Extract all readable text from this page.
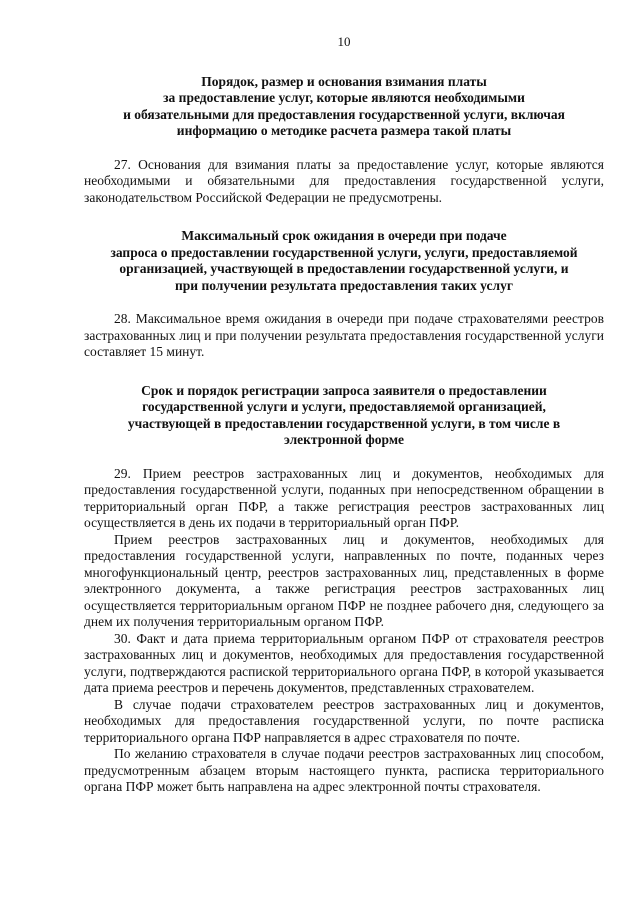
10
Порядок, размер и основания взимания платы
за предоставление услуг, которые являются необходимыми
и обязательными для предоставления государственной услуги, включая
информацию о методике расчета размера такой платы

27. Основания для взимания платы за предоставление услуг, которые являются необходимыми и обязательными для предоставления государственной услуги, законодательством Российской Федерации не предусмотрены.

Максимальный срок ожидания в очереди при подаче
запроса о предоставлении государственной услуги, услуги, предоставляемой
организацией, участвующей в предоставлении государственной услуги, и
при получении результата предоставления таких услуг

28. Максимальное время ожидания в очереди при подаче страхователями реестров застрахованных лиц и при получении результата предоставления государственной услуги составляет 15 минут.

Срок и порядок регистрации запроса заявителя о предоставлении
государственной услуги и услуги, предоставляемой организацией,
участвующей в предоставлении государственной услуги, в том числе в
электронной форме

29. Прием реестров застрахованных лиц и документов, необходимых для предоставления государственной услуги, поданных при непосредственном обращении в территориальный орган ПФР, а также регистрация реестров застрахованных лиц осуществляется в день их подачи в территориальный орган ПФР.

Прием реестров застрахованных лиц и документов, необходимых для предоставления государственной услуги, направленных по почте, поданных через многофункциональный центр, реестров застрахованных лиц, представленных в форме электронного документа, а также регистрация реестров застрахованных лиц осуществляется территориальным органом ПФР не позднее рабочего дня, следующего за днем их получения территориальным органом ПФР.

30. Факт и дата приема территориальным органом ПФР от страхователя реестров застрахованных лиц и документов, необходимых для предоставления государственной услуги, подтверждаются распиской территориального органа ПФР, в которой указывается дата приема реестров и перечень документов, представленных страхователем.

В случае подачи страхователем реестров застрахованных лиц и документов, необходимых для предоставления государственной услуги, по почте расписка территориального органа ПФР направляется в адрес страхователя по почте.

По желанию страхователя в случае подачи реестров застрахованных лиц способом, предусмотренным абзацем вторым настоящего пункта, расписка территориального органа ПФР может быть направлена на адрес электронной почты страхователя.
